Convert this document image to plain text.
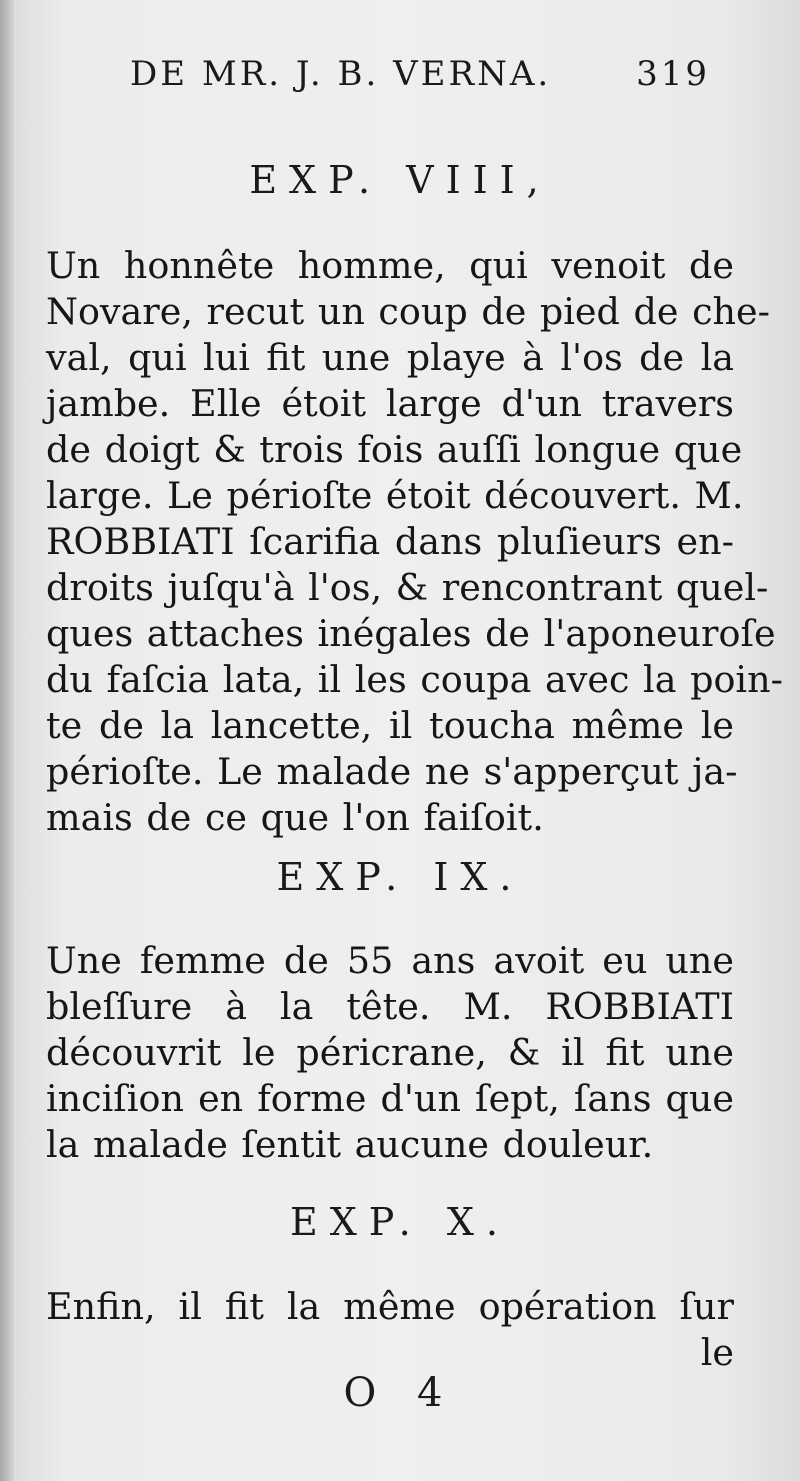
DE MR. J. B. VERNA. 319
EXP. VIII,
Un honnête homme, qui venoit de
Novare, recut un coup de pied de che-
val, qui lui fit une playe à l'os de la
jambe. Elle étoit large d'un travers
de doigt & trois fois auſſi longue que
large. Le périoſte étoit découvert. M.
ROBBIATI ſcarifia dans pluſieurs en-
droits juſqu'à l'os, & rencontrant quel-
ques attaches inégales de l'aponeuroſe
du faſcia lata, il les coupa avec la poin-
te de la lancette, il toucha même le
périoſte. Le malade ne s'apperçut ja-
mais de ce que l'on faiſoit.
EXP. IX.
Une femme de 55 ans avoit eu une
bleſſure à la tête. M. ROBBIATI
découvrit le péricrane, & il fit une
inciſion en forme d'un ſept, ſans que
la malade ſentit aucune douleur.
EXP. X.
Enfin, il fit la même opération ſur
le
O 4
